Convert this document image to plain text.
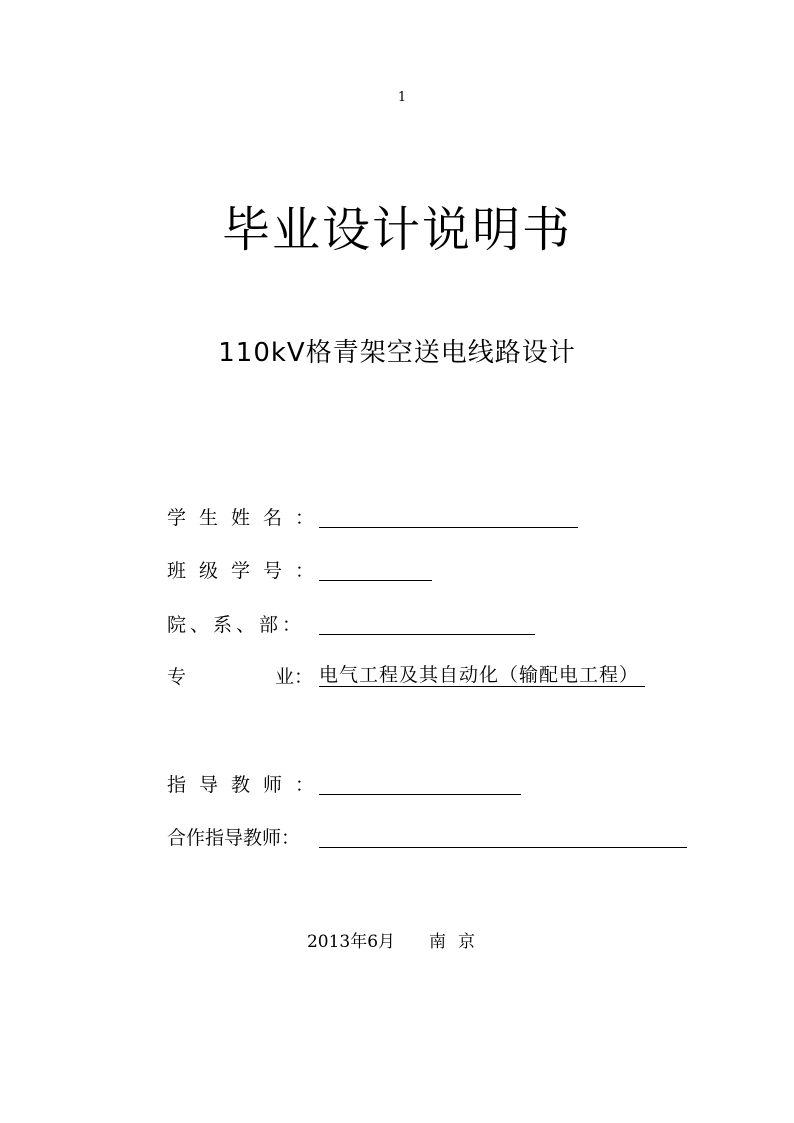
1
毕业设计说明书
110kV格青架空送电线路设计
学生姓名：
班级学号：
院、系、部：
专	业： 电气工程及其自动化（输配电工程）
指导教师：
合作指导教师：
2013年6月 南京
